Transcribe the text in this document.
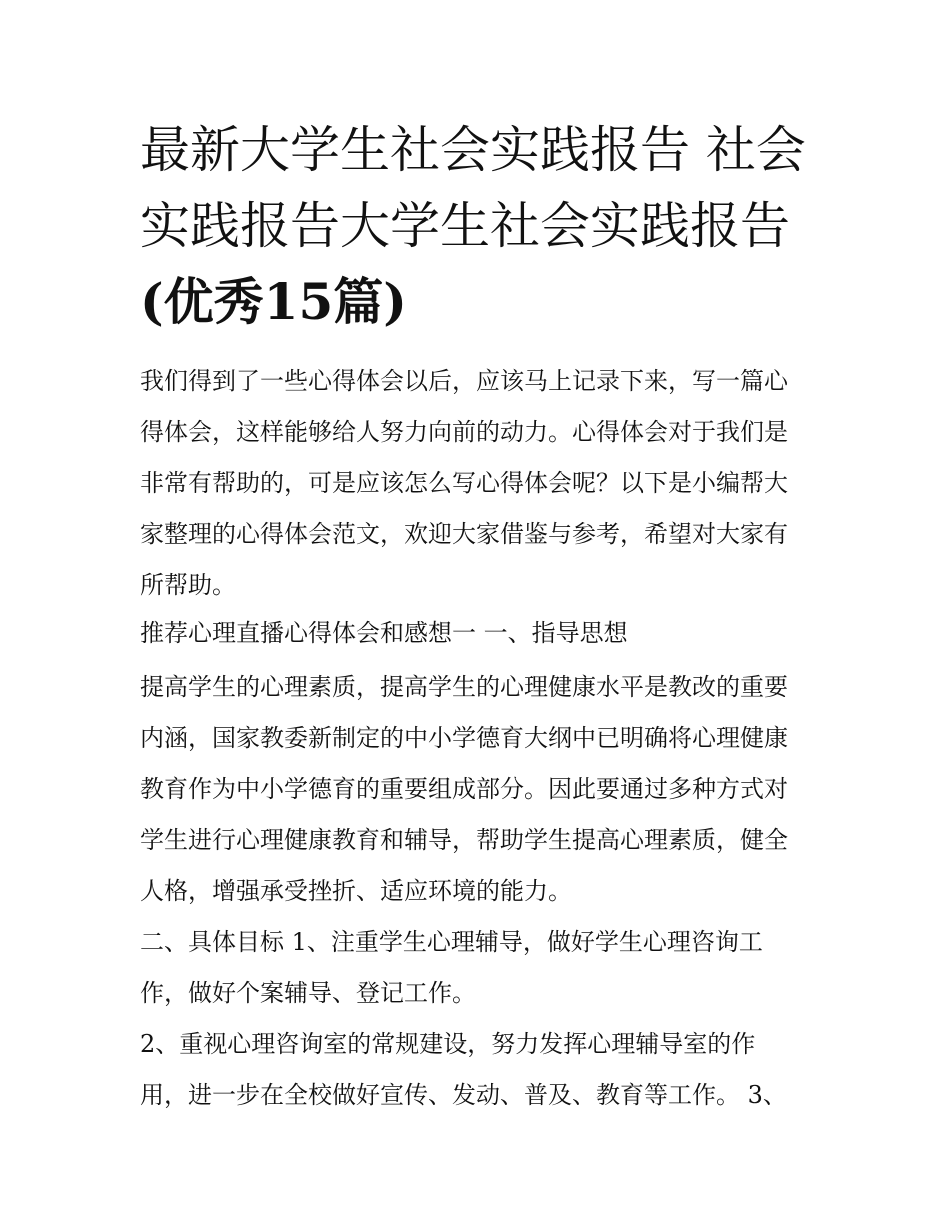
最新大学生社会实践报告 社会
实践报告大学生社会实践报告
(优秀15篇)

我们得到了一些心得体会以后，应该马上记录下来，写一篇心
得体会，这样能够给人努力向前的动力。心得体会对于我们是
非常有帮助的，可是应该怎么写心得体会呢？以下是小编帮大
家整理的心得体会范文，欢迎大家借鉴与参考，希望对大家有
所帮助。

推荐心理直播心得体会和感想一 一、指导思想

提高学生的心理素质，提高学生的心理健康水平是教改的重要
内涵，国家教委新制定的中小学德育大纲中已明确将心理健康
教育作为中小学德育的重要组成部分。因此要通过多种方式对
学生进行心理健康教育和辅导，帮助学生提高心理素质，健全
人格，增强承受挫折、适应环境的能力。

二、具体目标 1、注重学生心理辅导，做好学生心理咨询工
作，做好个案辅导、登记工作。

2、重视心理咨询室的常规建设，努力发挥心理辅导室的作
用，进一步在全校做好宣传、发动、普及、教育等工作。 3、
